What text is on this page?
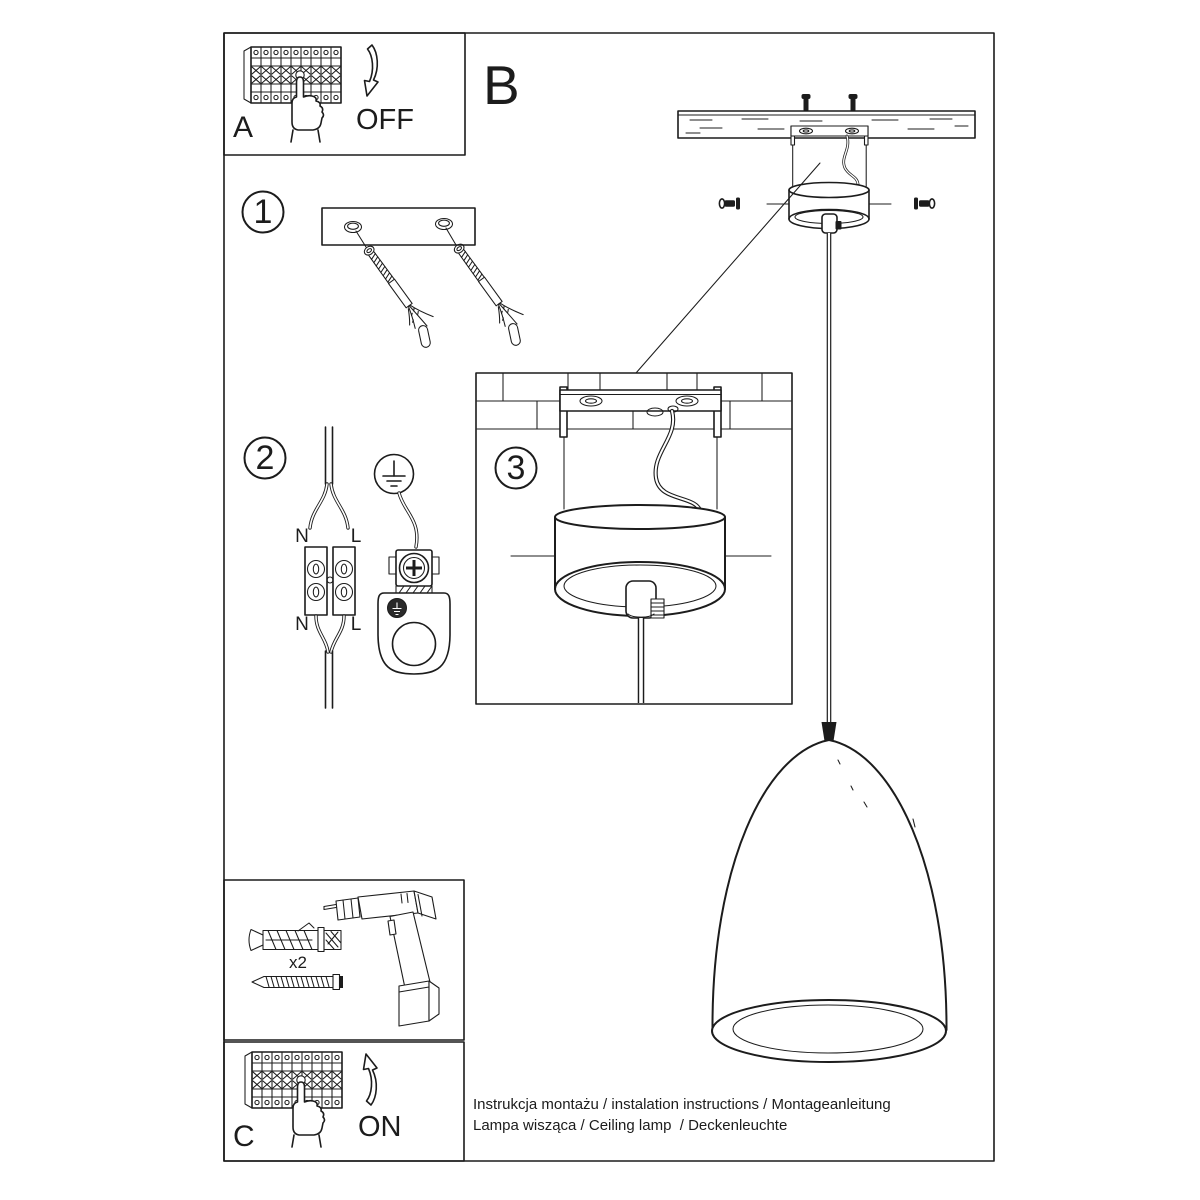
A	OFF
B
1
2	3
N	L
N	L
x2
ON
C
Instrukcja montażu / instalation instructions / Montageanleitung
Lampa wisząca / Ceiling lamp  / Deckenleuchte
